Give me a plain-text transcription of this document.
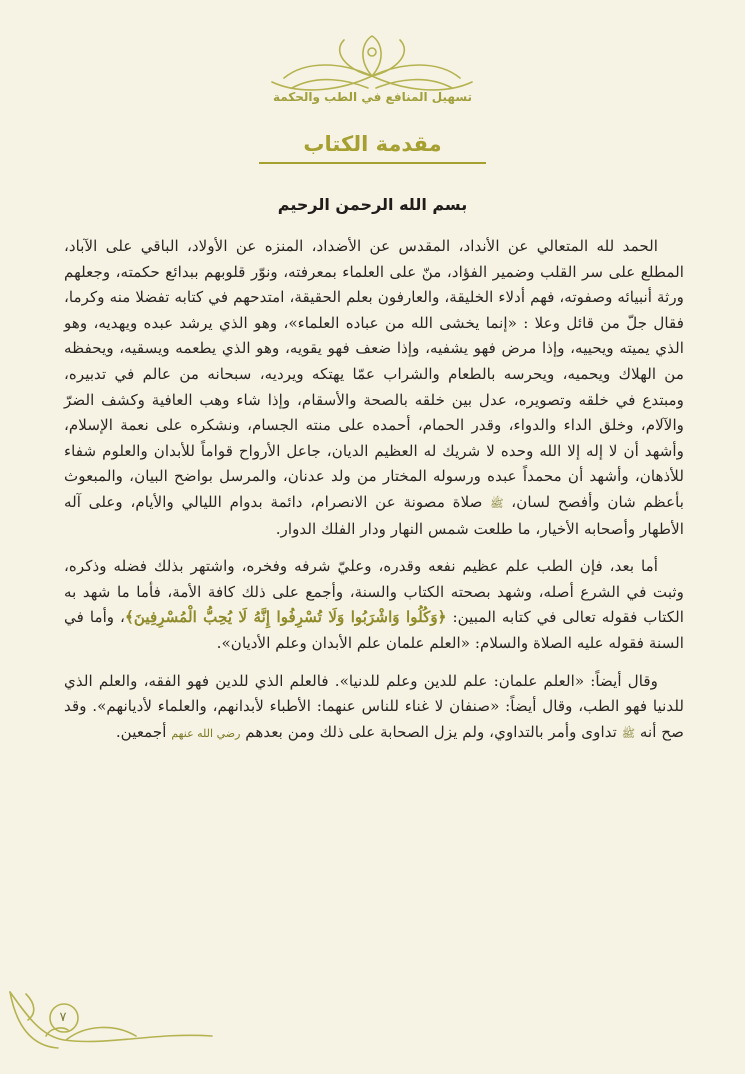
تسهيل المنافع في الطب والحكمة
مقدمة الكتاب
بسم الله الرحمن الرحيم

الحمد لله المتعالي عن الأنداد، المقدس عن الأضداد، المنزه عن الأولاد، الباقي على الآباد، المطلع على سر القلب وضمير الفؤاد، منّ على العلماء بمعرفته، ونوّر قلوبهم ببدائع حكمته، وجعلهم ورثة أنبيائه وصفوته، فهم أدلاء الخليقة، والعارفون بعلم الحقيقة، امتدحهم في كتابه تفضلا منه وكرما، فقال جلّ من قائل وعلا : «إنما يخشى الله من عباده العلماء»، وهو الذي يرشد عبده ويهديه، وهو الذي يميته ويحييه، وإذا مرض فهو يشفيه، وإذا ضعف فهو يقويه، وهو الذي يطعمه ويسقيه، ويحفظه من الهلاك ويحميه، ويحرسه بالطعام والشراب عمّا يهتكه ويرديه، سبحانه من عالم في تدبيره، ومبتدع في خلقه وتصويره، عدل بين خلقه بالصحة والأسقام، وإذا شاء وهب العافية وكشف الضرّ والآلام، وخلق الداء والدواء، وقدر الحمام، أحمده على منته الجسام، ونشكره على نعمة الإسلام، وأشهد أن لا إله إلا الله وحده لا شريك له العظيم الديان، جاعل الأرواح قواماً للأبدان والعلوم شفاء للأذهان، وأشهد أن محمداً عبده ورسوله المختار من ولد عدنان، والمرسل بواضح البيان، والمبعوث بأعظم شان وأفصح لسان، ﷺ صلاة مصونة عن الانصرام، دائمة بدوام الليالي والأيام، وعلى آله الأطهار وأصحابه الأخيار، ما طلعت شمس النهار ودار الفلك الدوار.

أما بعد، فإن الطب علم عظيم نفعه وقدره، وعليّ شرفه وفخره، واشتهر بذلك فضله وذكره، وثبت في الشرع أصله، وشهد بصحته الكتاب والسنة، وأجمع على ذلك كافة الأمة، فأما ما شهد به الكتاب فقوله تعالى في كتابه المبين: ﴿وَكُلُوا وَاشْرَبُوا وَلَا تُسْرِفُوا إِنَّهُ لَا يُحِبُّ الْمُسْرِفِينَ﴾، وأما في السنة فقوله عليه الصلاة والسلام: «العلم علمان علم الأبدان وعلم الأديان».

وقال أيضاً: «العلم علمان: علم للدين وعلم للدنيا». فالعلم الذي للدين فهو الفقه، والعلم الذي للدنيا فهو الطب، وقال أيضاً: «صنفان لا غناء للناس عنهما: الأطباء لأبدانهم، والعلماء لأديانهم». وقد صح أنه ﷺ تداوى وأمر بالتداوي، ولم يزل الصحابة على ذلك ومن بعدهم رضي الله عنهم أجمعين.

٧
